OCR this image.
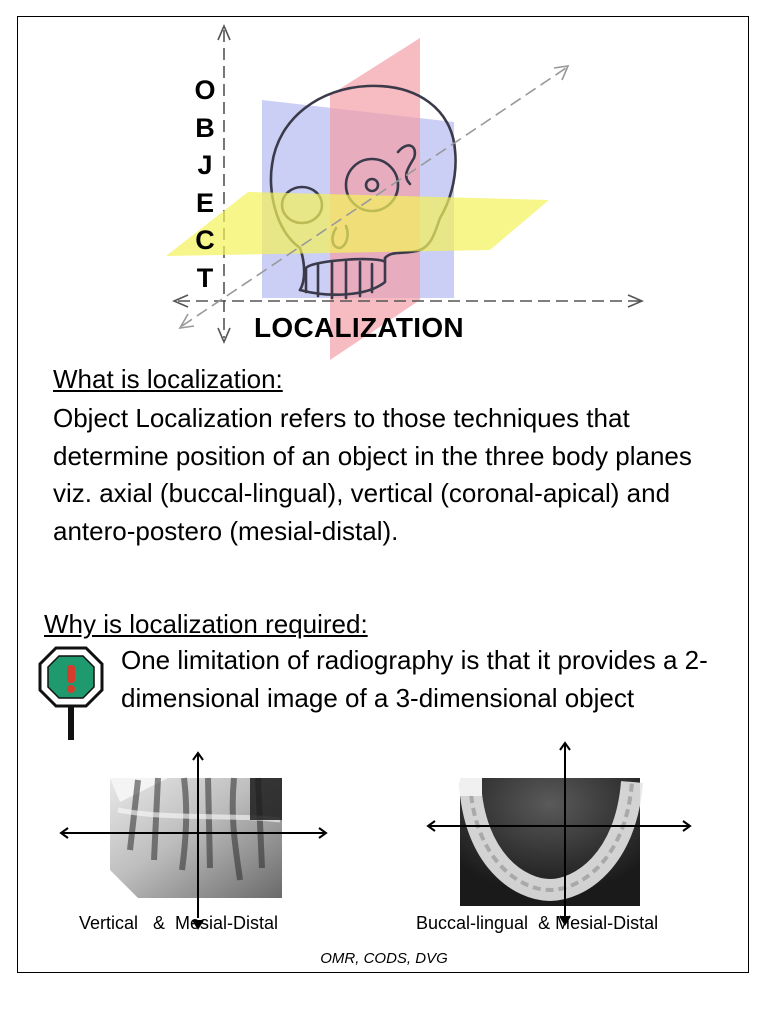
O
B
J
E
C
T
LOCALIZATION
What is localization:
Object Localization refers to those techniques that determine position of an object in the three body planes viz. axial (buccal-lingual), vertical (coronal-apical) and antero-postero (mesial-distal).
Why is localization required:
One limitation of radiography is that it provides a 2-dimensional image of a 3-dimensional object
Vertical   &  Mesial-Distal	Buccal-lingual  & Mesial-Distal
OMR, CODS, DVG
